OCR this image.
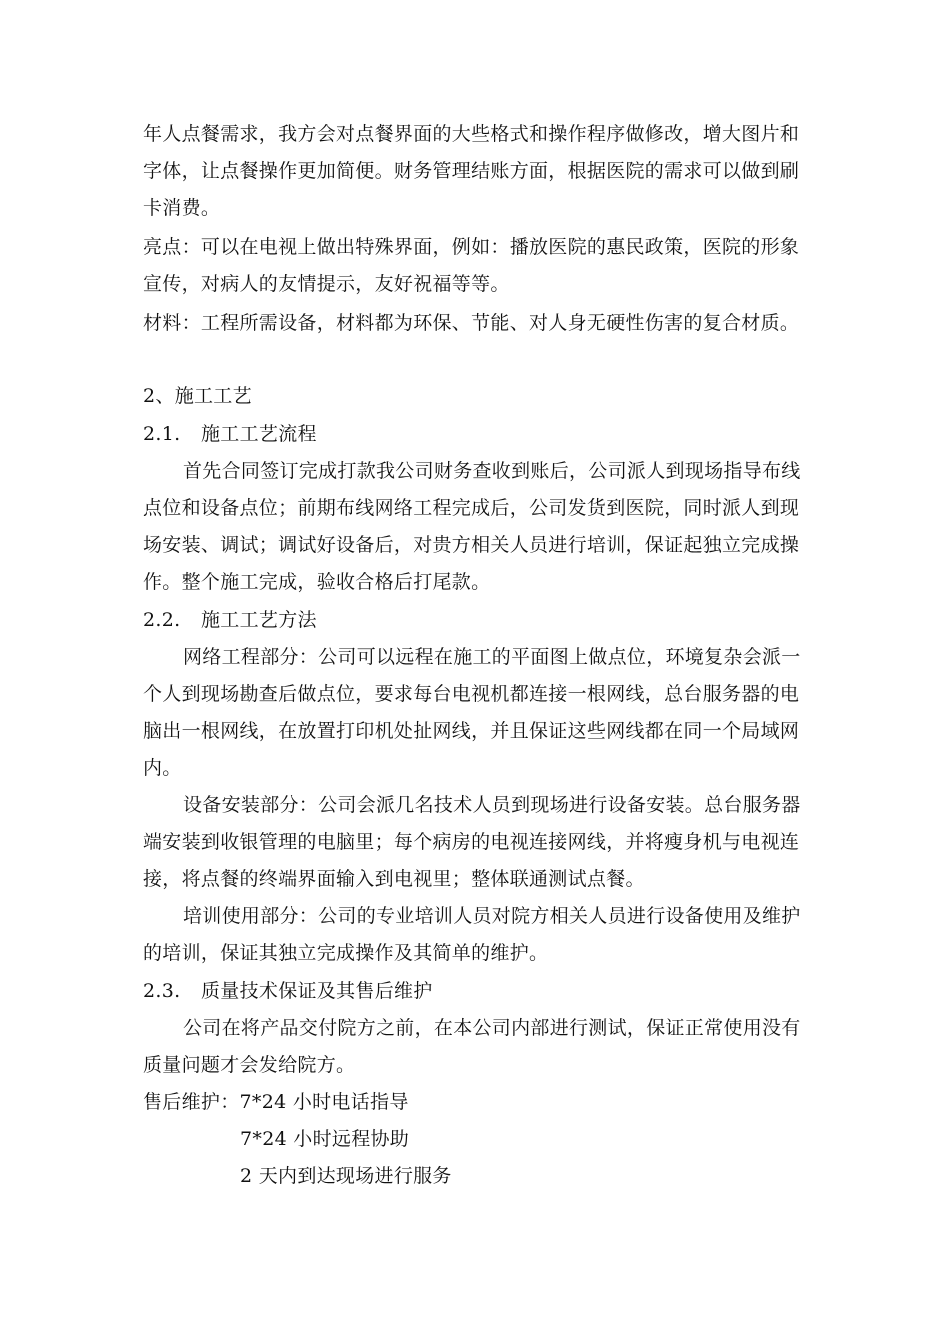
年人点餐需求，我方会对点餐界面的大些格式和操作程序做修改，增大图片和
字体，让点餐操作更加简便。财务管理结账方面，根据医院的需求可以做到刷
卡消费。
亮点：可以在电视上做出特殊界面，例如：播放医院的惠民政策，医院的形象
宣传，对病人的友情提示，友好祝福等等。
材料：工程所需设备，材料都为环保、节能、对人身无硬性伤害的复合材质。
2、施工工艺
2.1. 施工工艺流程
首先合同签订完成打款我公司财务查收到账后，公司派人到现场指导布线
点位和设备点位；前期布线网络工程完成后，公司发货到医院，同时派人到现
场安装、调试；调试好设备后，对贵方相关人员进行培训，保证起独立完成操
作。整个施工完成，验收合格后打尾款。
2.2. 施工工艺方法
网络工程部分：公司可以远程在施工的平面图上做点位，环境复杂会派一
个人到现场勘查后做点位，要求每台电视机都连接一根网线，总台服务器的电
脑出一根网线，在放置打印机处扯网线，并且保证这些网线都在同一个局域网
内。
设备安装部分：公司会派几名技术人员到现场进行设备安装。总台服务器
端安装到收银管理的电脑里；每个病房的电视连接网线，并将瘦身机与电视连
接，将点餐的终端界面输入到电视里；整体联通测试点餐。
培训使用部分：公司的专业培训人员对院方相关人员进行设备使用及维护
的培训，保证其独立完成操作及其简单的维护。
2.3. 质量技术保证及其售后维护
公司在将产品交付院方之前，在本公司内部进行测试，保证正常使用没有
质量问题才会发给院方。
售后维护：7*24 小时电话指导
7*24 小时远程协助
2 天内到达现场进行服务
